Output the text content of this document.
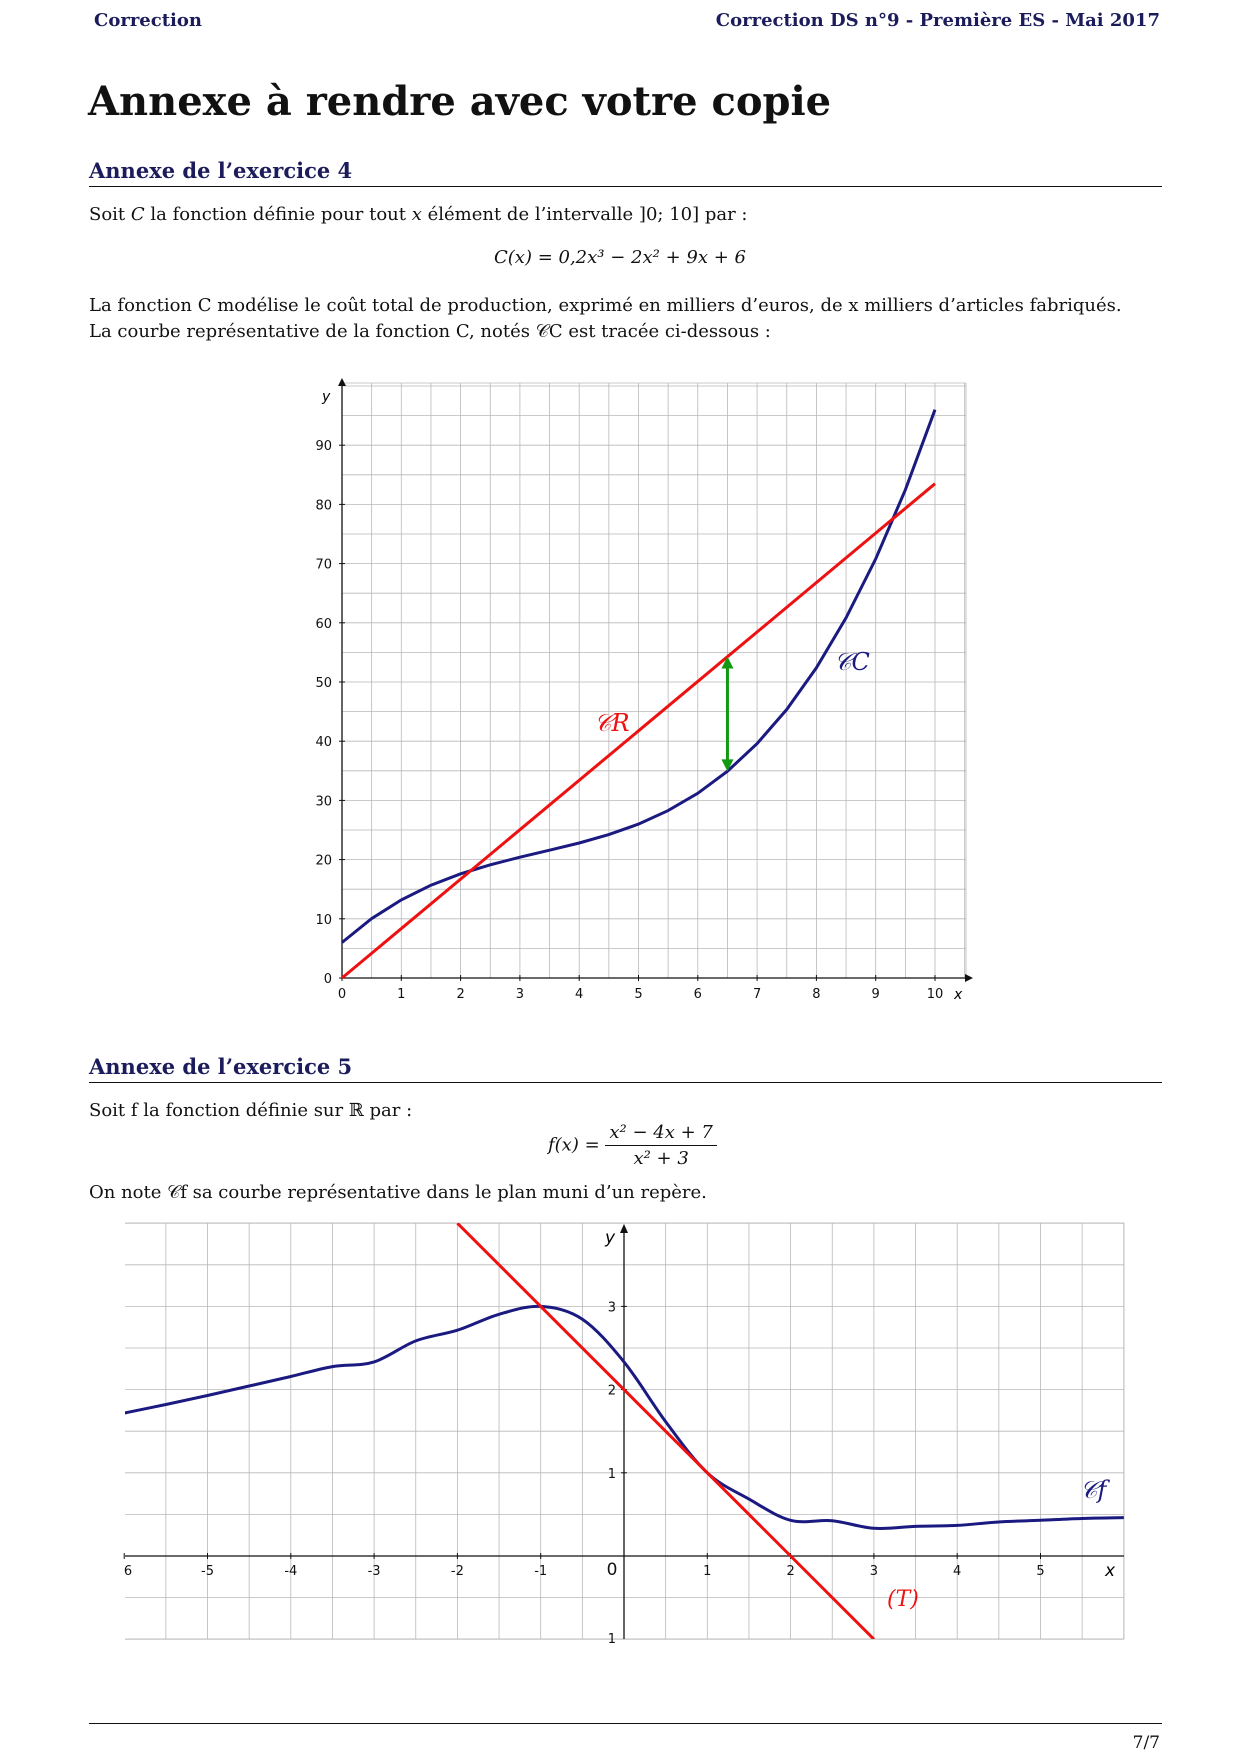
Correction	Correction DS n°9 - Première ES - Mai 2017
Annexe à rendre avec votre copie
Annexe de l’exercice 4
Soit C la fonction définie pour tout x élément de l’intervalle ]0; 10] par :
C(x) = 0,2x³ − 2x² + 9x + 6
La fonction C modélise le coût total de production, exprimé en milliers d’euros, de x milliers d’articles fabriqués.
La courbe représentative de la fonction C, notés 𝒞C est tracée ci-dessous :
0	1	2	3	4	5	6	7	8	9	10
0
10
20
30
40
50
60
70
80
90
𝒞C
𝒞R
x
y
Annexe de l’exercice 5
Soit f la fonction définie sur ℝ par :
$f(x) = \frac{\text{x² − 4x + 7}}{\text{x² + 3}}$
On note 𝒞f sa courbe représentative dans le plan muni d’un repère.
6	-5	-4	-3	-2	-1	0	1	2	3	4	5
1
2
3
1
𝒞f
(T)
x
y
7/7
